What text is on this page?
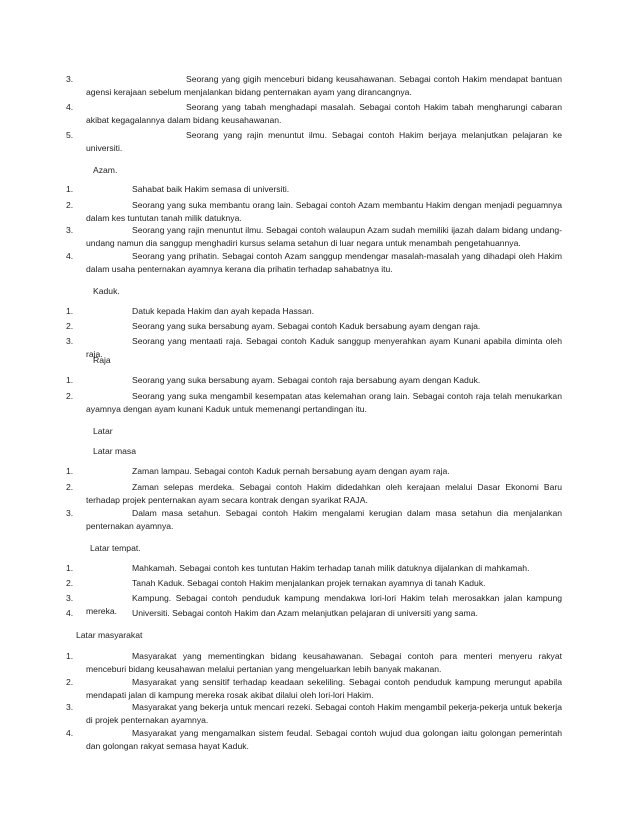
3.	Seorang yang gigih menceburi bidang keusahawanan. Sebagai contoh Hakim mendapat bantuan agensi kerajaan sebelum menjalankan bidang penternakan ayam yang dirancangnya.
4.	Seorang yang tabah menghadapi masalah. Sebagai contoh Hakim tabah mengharungi cabaran akibat kegagalannya dalam bidang keusahawanan.
5.	Seorang yang rajin menuntut ilmu. Sebagai contoh Hakim berjaya melanjutkan pelajaran ke universiti.
Azam.
1.	Sahabat baik Hakim semasa di universiti.
2.	Seorang yang suka membantu orang lain. Sebagai contoh Azam membantu Hakim dengan menjadi peguamnya dalam kes tuntutan tanah milik datuknya.
3.	Seorang yang rajin menuntut ilmu. Sebagai contoh walaupun Azam sudah memiliki ijazah dalam bidang undang-undang namun dia sanggup menghadiri kursus selama setahun di luar negara untuk menambah pengetahuannya.
4.	Seorang yang prihatin. Sebagai contoh Azam sanggup mendengar masalah-masalah yang dihadapi oleh Hakim dalam usaha penternakan ayamnya kerana dia prihatin terhadap sahabatnya itu.
Kaduk.
1.	Datuk kepada Hakim dan ayah kepada Hassan.
2.	Seorang yang suka bersabung ayam. Sebagai contoh Kaduk bersabung ayam dengan raja.
3.	Seorang yang mentaati raja. Sebagai contoh Kaduk sanggup menyerahkan ayam Kunani apabila diminta oleh raja.
Raja
1.	Seorang yang suka bersabung ayam. Sebagai contoh raja bersabung ayam dengan Kaduk.
2.	Seorang yang suka mengambil kesempatan atas kelemahan orang lain. Sebagai contoh raja telah menukarkan ayamnya dengan ayam kunani Kaduk untuk memenangi pertandingan itu.
Latar
Latar masa
1.	Zaman lampau. Sebagai contoh Kaduk pernah bersabung ayam dengan ayam raja.
2.	Zaman selepas merdeka. Sebagai contoh Hakim didedahkan oleh kerajaan melalui Dasar Ekonomi Baru terhadap projek penternakan ayam secara kontrak dengan syarikat RAJA.
3.	Dalam masa setahun. Sebagai contoh Hakim mengalami kerugian dalam masa setahun dia menjalankan penternakan ayamnya.
Latar tempat.
1.	Mahkamah. Sebagai contoh kes tuntutan Hakim terhadap tanah milik datuknya dijalankan di mahkamah.
2.	Tanah Kaduk. Sebagai contoh Hakim menjalankan projek ternakan ayamnya di tanah Kaduk.
3.	Kampung. Sebagai contoh penduduk kampung mendakwa lori-lori Hakim telah merosakkan jalan kampung mereka.
4.	Universiti. Sebagai contoh Hakim dan Azam melanjutkan pelajaran di universiti yang sama.
Latar masyarakat
1.	Masyarakat yang mementingkan bidang keusahawanan. Sebagai contoh para menteri menyeru rakyat menceburi bidang keusahawan melalui pertanian yang mengeluarkan lebih banyak makanan.
2.	Masyarakat yang sensitif terhadap keadaan sekeliling. Sebagai contoh penduduk kampung merungut apabila mendapati jalan di kampung mereka rosak akibat dilalui oleh lori-lori Hakim.
3.	Masyarakat yang bekerja untuk mencari rezeki. Sebagai contoh Hakim mengambil pekerja-pekerja untuk bekerja di projek penternakan ayamnya.
4.	Masyarakat yang mengamalkan sistem feudal. Sebagai contoh wujud dua golongan iaitu golongan pemerintah dan golongan rakyat semasa hayat Kaduk.
